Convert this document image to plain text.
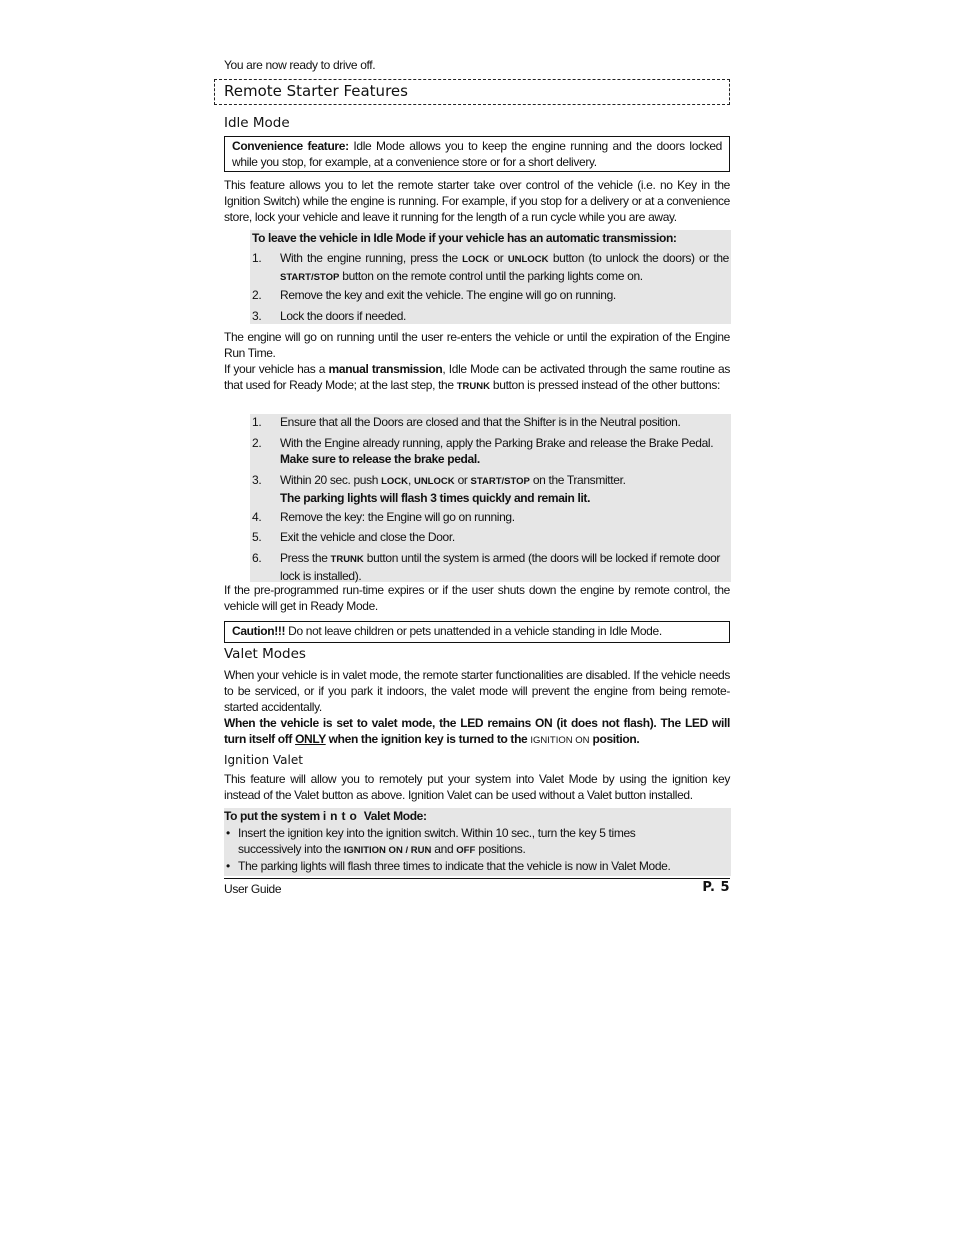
You are now ready to drive off.

Remote Starter Features
Idle Mode
Convenience feature: Idle Mode allows you to keep the engine running and the doors locked while you stop, for example, at a convenience store or for a short delivery.

This feature allows you to let the remote starter take over control of the vehicle (i.e. no Key in the Ignition Switch) while the engine is running. For example, if you stop for a delivery or at a convenience store, lock your vehicle and leave it running for the length of a run cycle while you are away.

To leave the vehicle in Idle Mode if your vehicle has an automatic transmission:

1. With the engine running, press the LOCK or UNLOCK button (to unlock the doors) or the START/STOP button on the remote control until the parking lights come on.
2. Remove the key and exit the vehicle. The engine will go on running.
3. Lock the doors if needed.

The engine will go on running until the user re-enters the vehicle or until the expiration of the Engine Run Time.

If your vehicle has a manual transmission, Idle Mode can be activated through the same routine as that used for Ready Mode; at the last step, the TRUNK button is pressed instead of the other buttons:

1. Ensure that all the Doors are closed and that the Shifter is in the Neutral position.
2. With the Engine already running, apply the Parking Brake and release the Brake Pedal.
Make sure to release the brake pedal.
3. Within 20 sec. push LOCK, UNLOCK or START/STOP on the Transmitter.
The parking lights will flash 3 times quickly and remain lit.
4. Remove the key: the Engine will go on running.
5. Exit the vehicle and close the Door.
6. Press the TRUNK button until the system is armed (the doors will be locked if remote door lock is installed).

If the pre-programmed run-time expires or if the user shuts down the engine by remote control, the vehicle will get in Ready Mode.

Caution!!! Do not leave children or pets unattended in a vehicle standing in Idle Mode.
Valet Modes

When your vehicle is in valet mode, the remote starter functionalities are disabled. If the vehicle needs to be serviced, or if you park it indoors, the valet mode will prevent the engine from being remote-started accidentally.

When the vehicle is set to valet mode, the LED remains ON (it does not flash). The LED will turn itself off ONLY when the ignition key is turned to the IGNITION ON position.

Ignition Valet

This feature will allow you to remotely put your system into Valet Mode by using the ignition key instead of the Valet button as above. Ignition Valet can be used without a Valet button installed.

To put the system into Valet Mode:

• Insert the ignition key into the ignition switch. Within 10 sec., turn the key 5 times successively into the IGNITION ON / RUN and OFF positions.
• The parking lights will flash three times to indicate that the vehicle is now in Valet Mode.

User Guide	P. 5
